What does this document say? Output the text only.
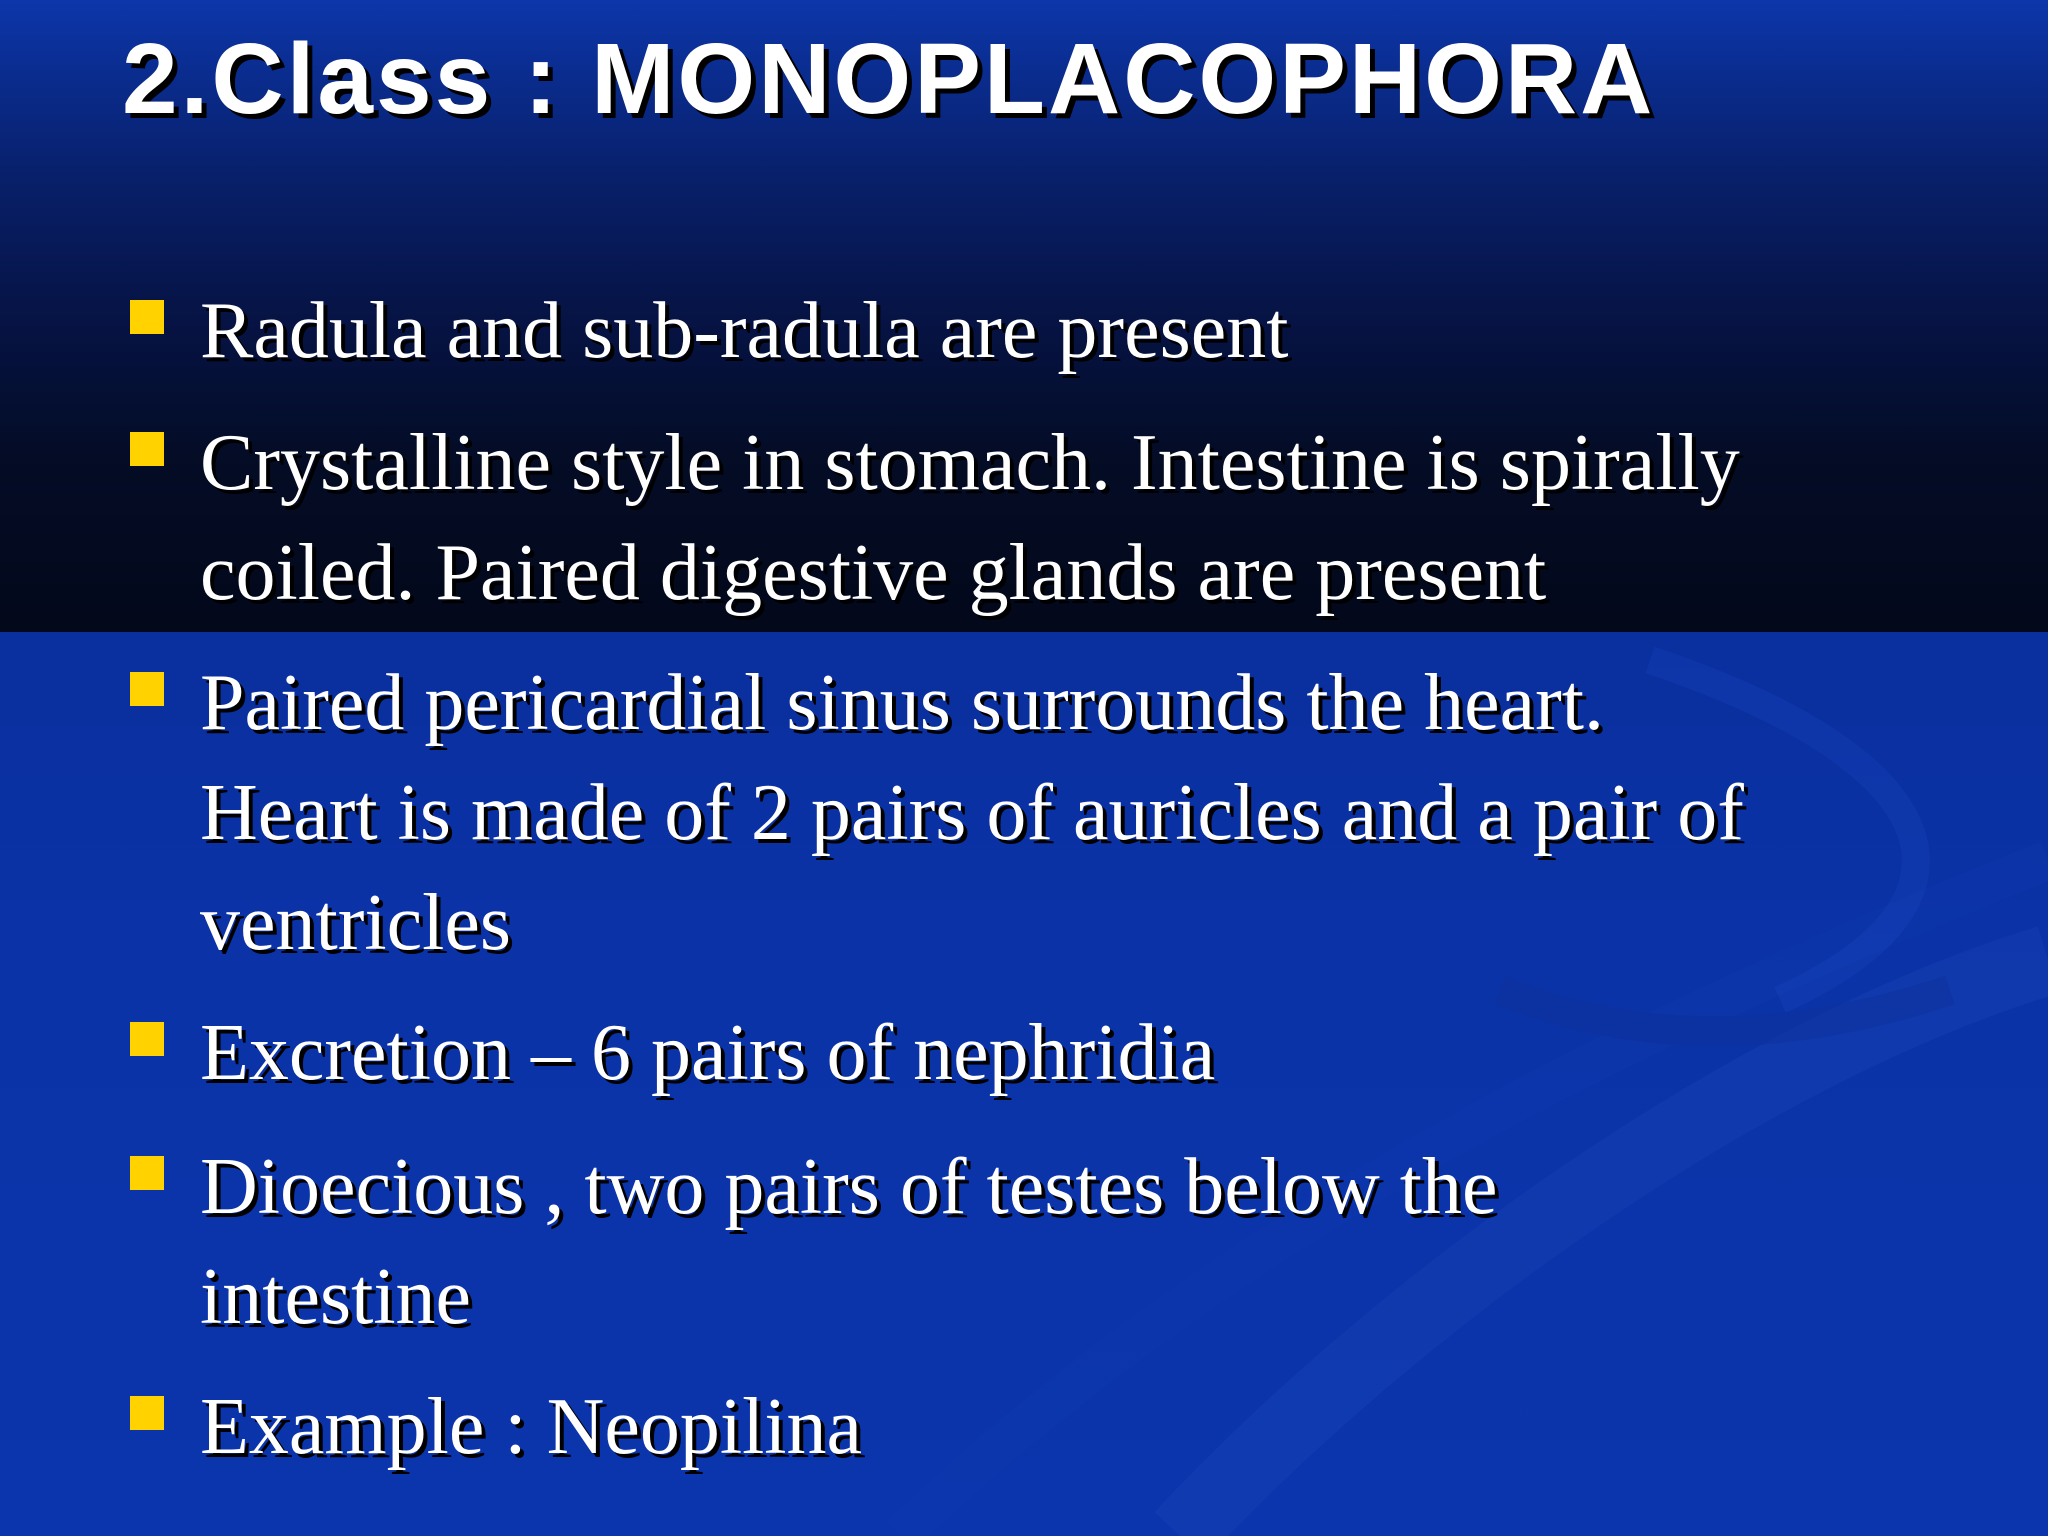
2.Class : MONOPLACOPHORA

Radula and sub-radula are present

Crystalline style in stomach. Intestine is spirally
coiled. Paired digestive glands are present

Paired pericardial sinus surrounds the heart.
Heart is made of 2 pairs of auricles and a pair of
ventricles

Excretion – 6 pairs of nephridia

Dioecious , two pairs of testes below the
intestine

Example : Neopilina
